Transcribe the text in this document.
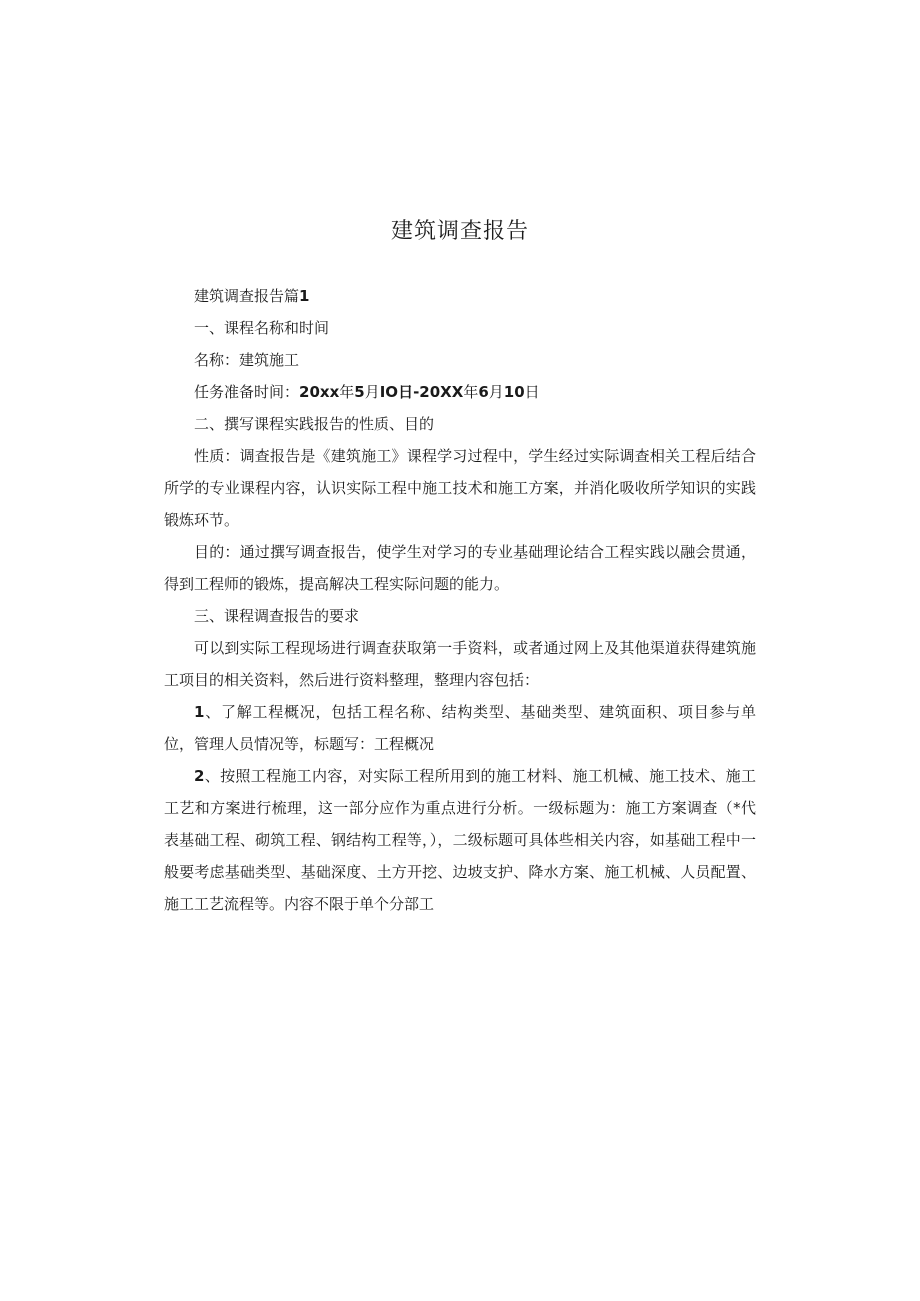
建筑调查报告

建筑调查报告篇1

一、课程名称和时间

名称：建筑施工

任务准备时间：20xx年5月IO日-20XX年6月10日

二、撰写课程实践报告的性质、目的

性质：调查报告是《建筑施工》课程学习过程中，学生经过实际调查相关工程后结合所学的专业课程内容，认识实际工程中施工技术和施工方案，并消化吸收所学知识的实践锻炼环节。

目的：通过撰写调查报告，使学生对学习的专业基础理论结合工程实践以融会贯通，得到工程师的锻炼，提高解决工程实际问题的能力。

三、课程调查报告的要求

可以到实际工程现场进行调查获取第一手资料，或者通过网上及其他渠道获得建筑施工项目的相关资料，然后进行资料整理，整理内容包括：

1、了解工程概况，包括工程名称、结构类型、基础类型、建筑面积、项目参与单位，管理人员情况等，标题写：工程概况

2、按照工程施工内容，对实际工程所用到的施工材料、施工机械、施工技术、施工工艺和方案进行梳理，这一部分应作为重点进行分析。一级标题为：施工方案调查（*代表基础工程、砌筑工程、钢结构工程等，），二级标题可具体些相关内容，如基础工程中一般要考虑基础类型、基础深度、土方开挖、边坡支护、降水方案、施工机械、人员配置、施工工艺流程等。内容不限于单个分部工
